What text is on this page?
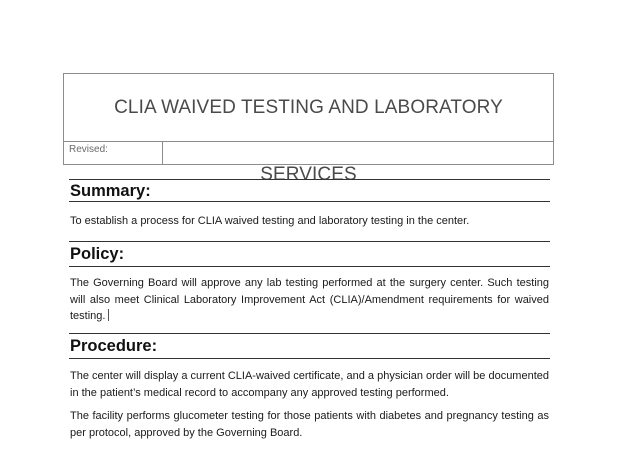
CLIA WAIVED TESTING AND LABORATORY SERVICES
Revised:
Summary:
To establish a process for CLIA waived testing and laboratory testing in the center.
Policy:
The Governing Board will approve any lab testing performed at the surgery center. Such testing will also meet Clinical Laboratory Improvement Act (CLIA)/Amendment requirements for waived testing.
Procedure:
The center will display a current CLIA-waived certificate, and a physician order will be documented in the patient’s medical record to accompany any approved testing performed.
The facility performs glucometer testing for those patients with diabetes and pregnancy testing as per protocol, approved by the Governing Board.
